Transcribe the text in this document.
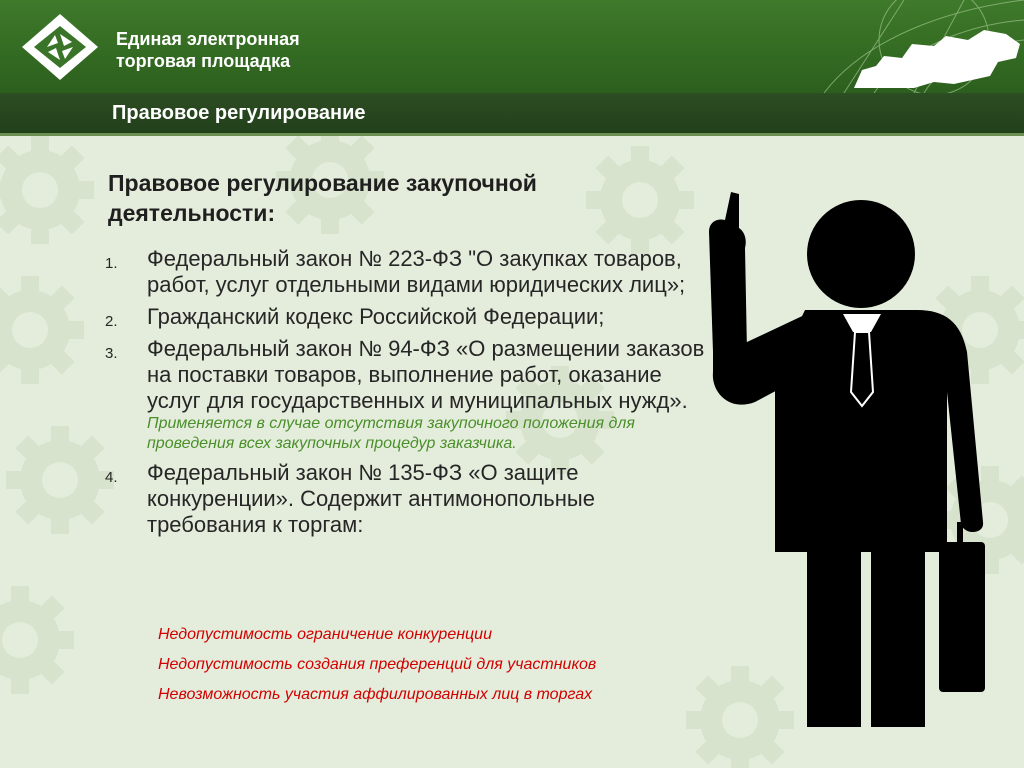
Единая электронная
торговая площадка
Правовое регулирование
Правовое регулирование закупочной
деятельности:
1. Федеральный закон № 223-ФЗ "О закупках товаров, работ, услуг отдельными видами юридических лиц»;
2. Гражданский кодекс Российской Федерации;
3. Федеральный закон № 94-ФЗ «О размещении заказов на поставки товаров, выполнение работ, оказание услуг для государственных и муниципальных нужд».
Применяется в случае отсутствия закупочного положения для проведения всех закупочных процедур заказчика.
4. Федеральный закон № 135-ФЗ «О защите конкуренции». Содержит антимонопольные требования к торгам:
Недопустимость ограничение конкуренции
Недопустимость создания преференций для участников
Невозможность участия аффилированных лиц в торгах
